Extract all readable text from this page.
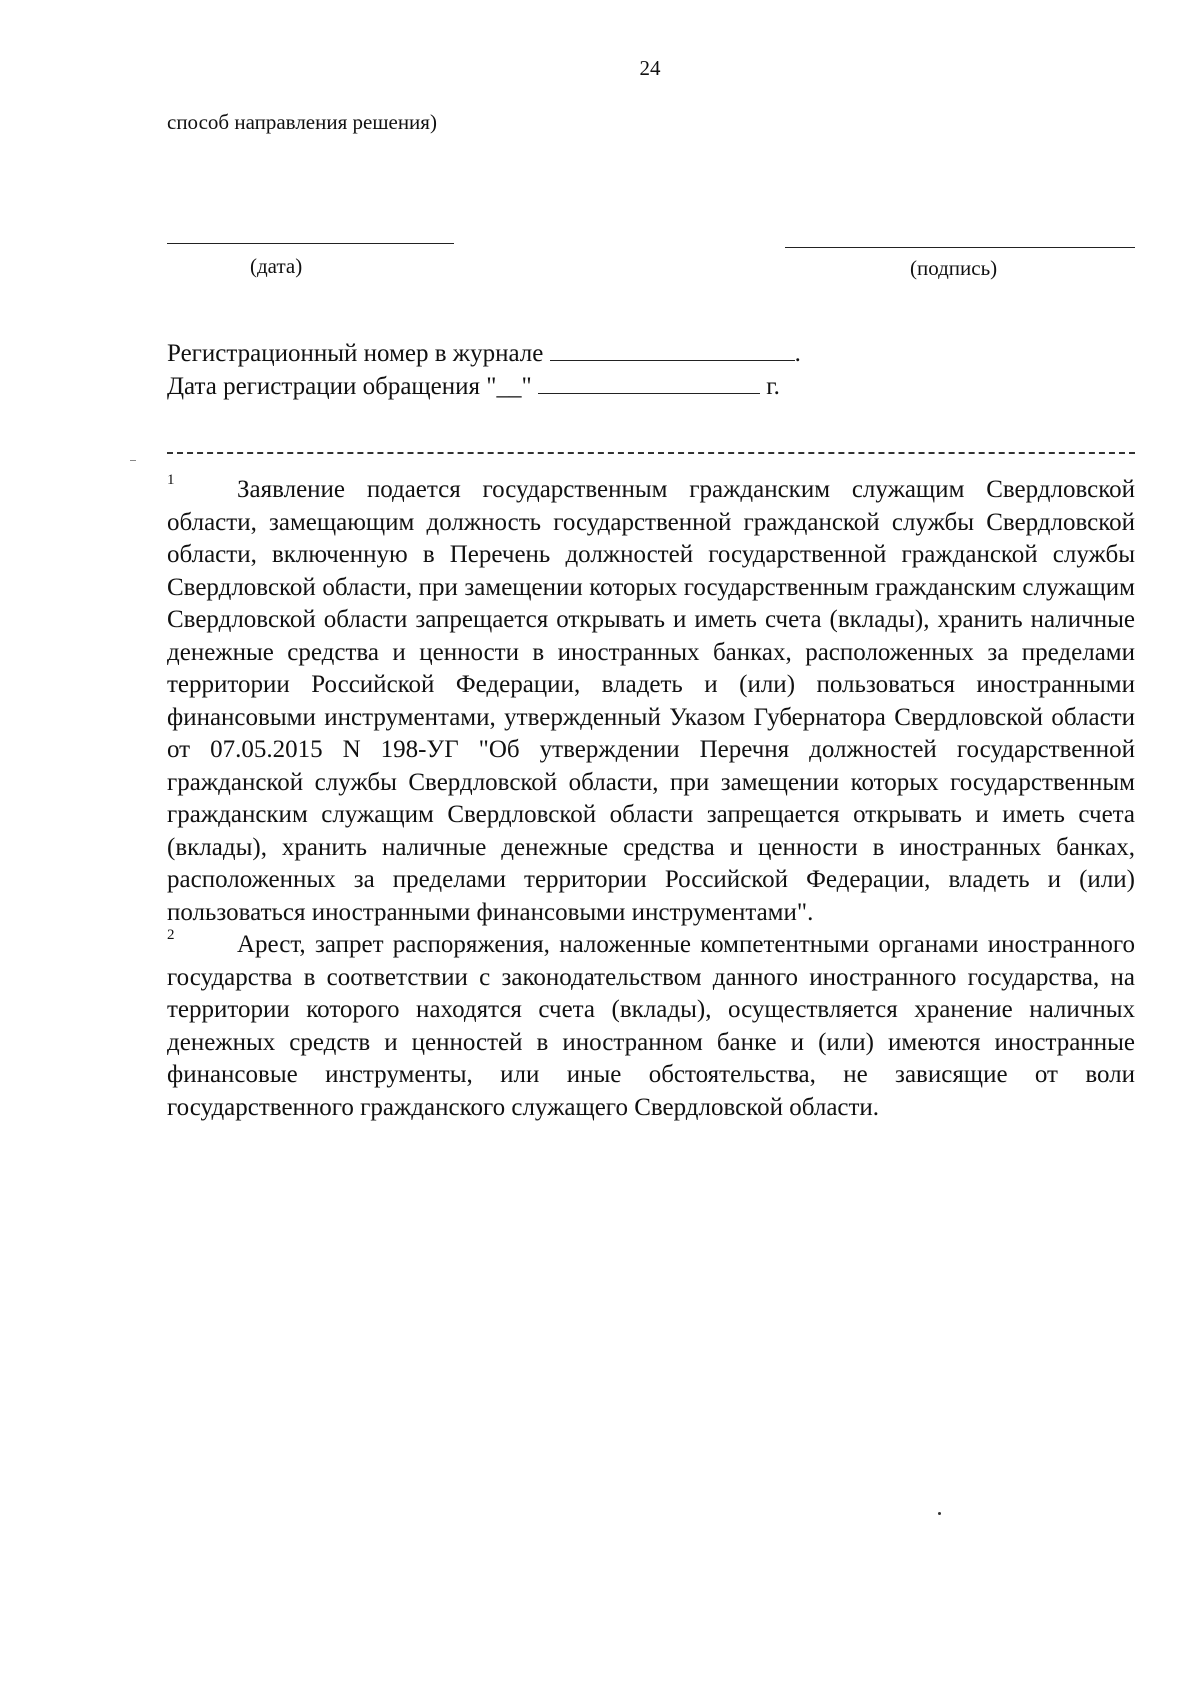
24
способ направления решения)
(дата)	(подпись)
Регистрационный номер в журнале	.
Дата регистрации обращения "__"	г.
1	Заявление подается государственным гражданским служащим Свердловской области, замещающим должность государственной гражданской службы Свердловской области, включенную в Перечень должностей государственной гражданской службы Свердловской области, при замещении которых государственным гражданским служащим Свердловской области запрещается открывать и иметь счета (вклады), хранить наличные денежные средства и ценности в иностранных банках, расположенных за пределами территории Российской Федерации, владеть и (или) пользоваться иностранными финансовыми инструментами, утвержденный Указом Губернатора Свердловской области от 07.05.2015 N 198-УГ "Об утверждении Перечня должностей государственной гражданской службы Свердловской области, при замещении которых государственным гражданским служащим Свердловской области запрещается открывать и иметь счета (вклады), хранить наличные денежные средства и ценности в иностранных банках, расположенных за пределами территории Российской Федерации, владеть и (или) пользоваться иностранными финансовыми инструментами".
2	Арест, запрет распоряжения, наложенные компетентными органами иностранного государства в соответствии с законодательством данного иностранного государства, на территории которого находятся счета (вклады), осуществляется хранение наличных денежных средств и ценностей в иностранном банке и (или) имеются иностранные финансовые инструменты, или иные обстоятельства, не зависящие от воли государственного гражданского служащего Свердловской области.
